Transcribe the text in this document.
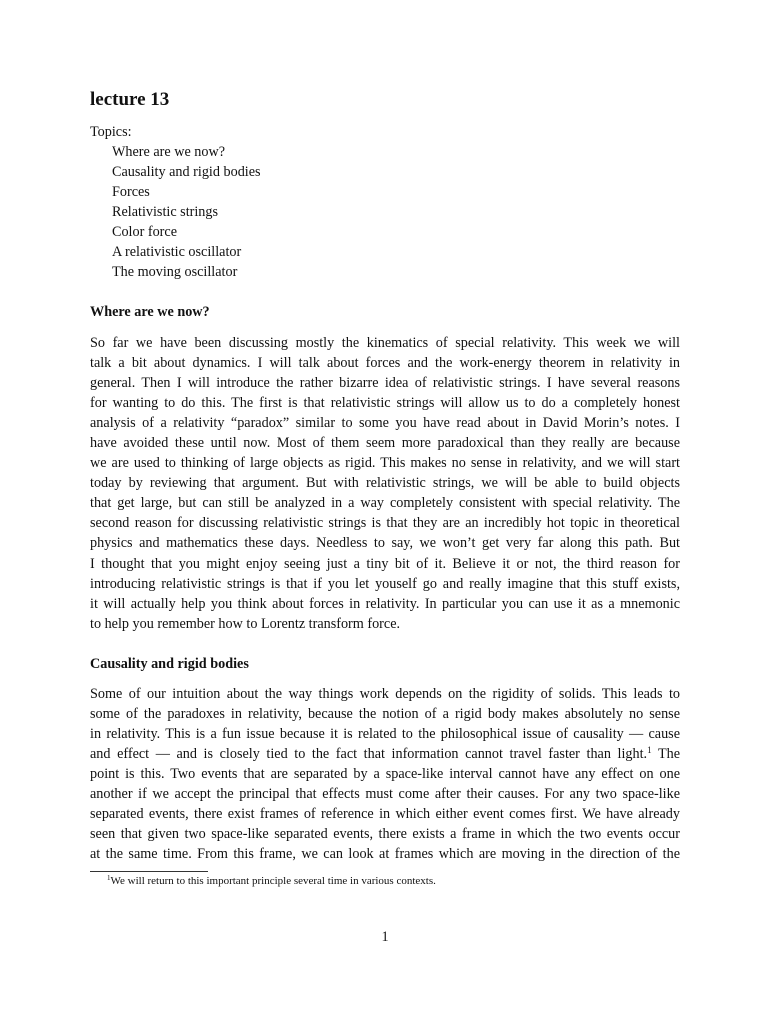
lecture 13
Topics:
Where are we now?
Causality and rigid bodies
Forces
Relativistic strings
Color force
A relativistic oscillator
The moving oscillator
Where are we now?
So far we have been discussing mostly the kinematics of special relativity. This week we will
talk a bit about dynamics. I will talk about forces and the work-energy theorem in relativity in
general. Then I will introduce the rather bizarre idea of relativistic strings. I have several reasons
for wanting to do this. The first is that relativistic strings will allow us to do a completely honest
analysis of a relativity “paradox” similar to some you have read about in David Morin’s notes. I
have avoided these until now. Most of them seem more paradoxical than they really are because
we are used to thinking of large objects as rigid. This makes no sense in relativity, and we will start
today by reviewing that argument. But with relativistic strings, we will be able to build objects
that get large, but can still be analyzed in a way completely consistent with special relativity. The
second reason for discussing relativistic strings is that they are an incredibly hot topic in theoretical
physics and mathematics these days. Needless to say, we won’t get very far along this path. But
I thought that you might enjoy seeing just a tiny bit of it. Believe it or not, the third reason for
introducing relativistic strings is that if you let youself go and really imagine that this stuff exists,
it will actually help you think about forces in relativity. In particular you can use it as a mnemonic
to help you remember how to Lorentz transform force.
Causality and rigid bodies
Some of our intuition about the way things work depends on the rigidity of solids. This leads to
some of the paradoxes in relativity, because the notion of a rigid body makes absolutely no sense
in relativity. This is a fun issue because it is related to the philosophical issue of causality — cause
and effect — and is closely tied to the fact that information cannot travel faster than light.$^1$ The
point is this. Two events that are separated by a space-like interval cannot have any effect on one
another if we accept the principal that effects must come after their causes. For any two space-like
separated events, there exist frames of reference in which either event comes first. We have already
seen that given two space-like separated events, there exists a frame in which the two events occur
at the same time. From this frame, we can look at frames which are moving in the direction of the

$^1$We will return to this important principle several time in various contexts.

1
